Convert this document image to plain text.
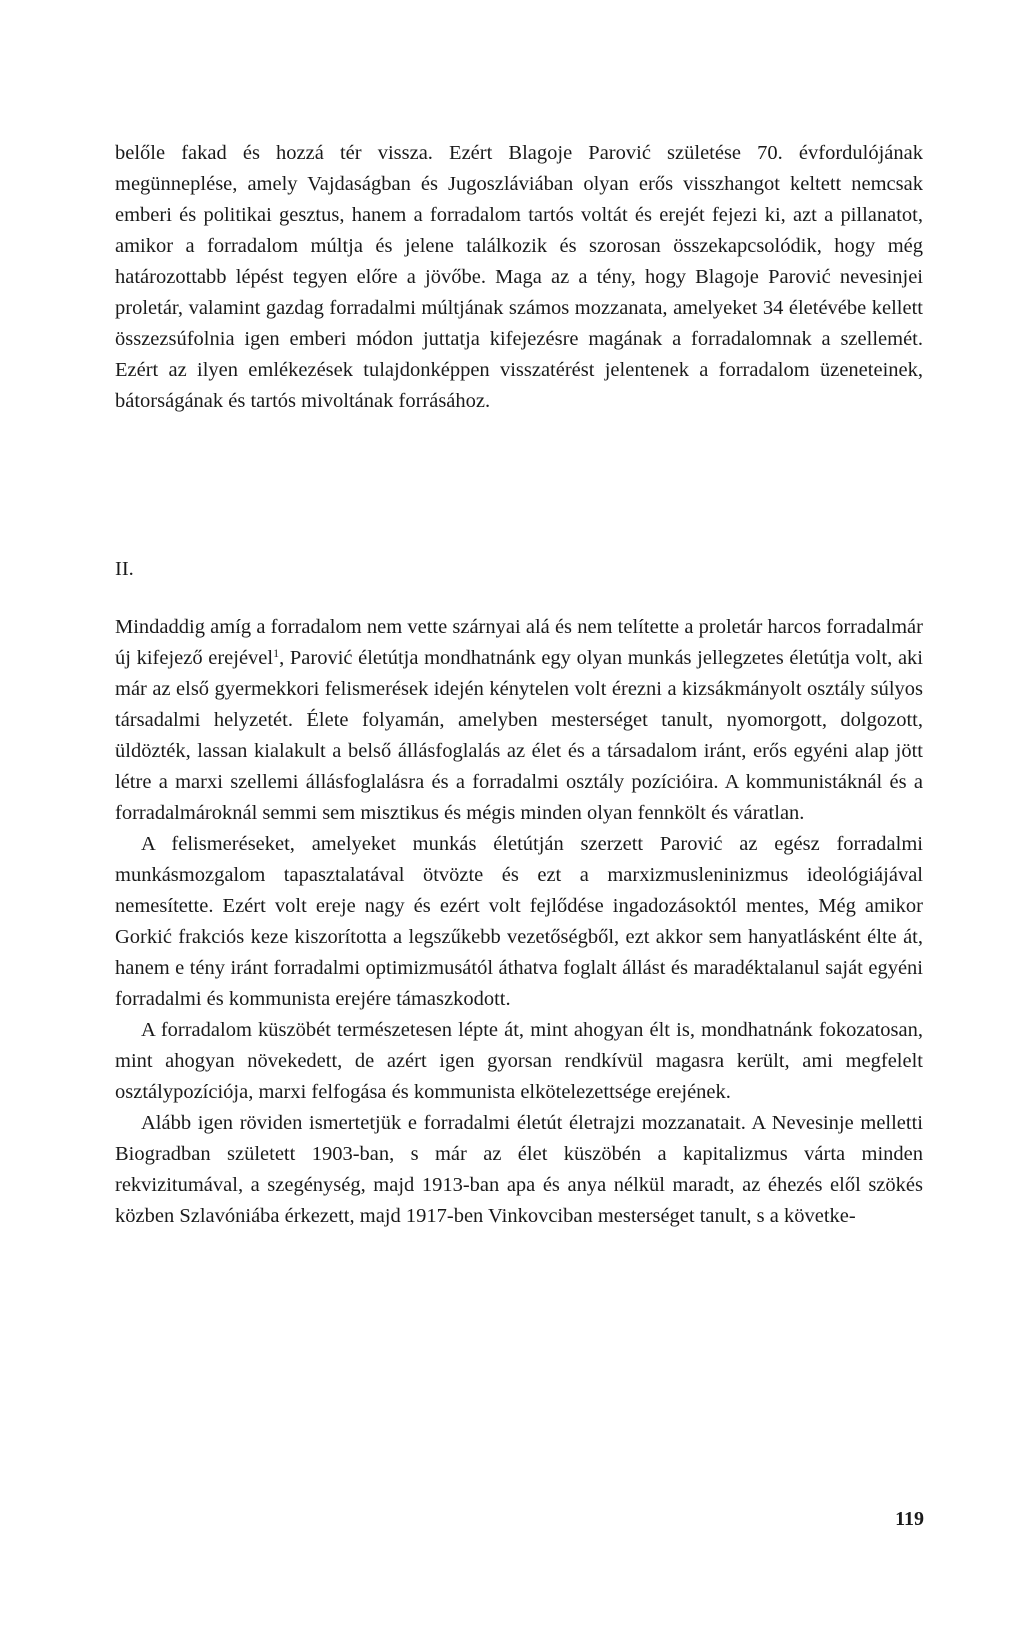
belőle fakad és hozzá tér vissza. Ezért Blagoje Parović születése 70. évfordulójának megünneplése, amely Vajdaságban és Jugoszláviában olyan erős visszhangot keltett nemcsak emberi és politikai gesztus, hanem a forradalom tartós voltát és erejét fejezi ki, azt a pillanatot, amikor a forradalom múltja és jelene találkozik és szorosan összekapcsolódik, hogy még határozottabb lépést tegyen előre a jövőbe. Maga az a tény, hogy Blagoje Parović nevesinjei proletár, valamint gazdag forradalmi múltjának számos mozzanata, amelyeket 34 életévébe kellett összezsúfolnia igen emberi módon juttatja kifejezésre magának a forradalomnak a szellemét. Ezért az ilyen emlékezések tulajdonképpen visszatérést jelentenek a forradalom üzeneteinek, bátorságának és tartós mivoltának forrásához.

II.

Mindaddig amíg a forradalom nem vette szárnyai alá és nem telítette a proletár harcos forradalmár új kifejező erejével$^1$, Parović életútja mondhatnánk egy olyan munkás jellegzetes életútja volt, aki már az első gyermekkori felismerések idején kénytelen volt érezni a kizsákmányolt osztály súlyos társadalmi helyzetét. Élete folyamán, amelyben mesterséget tanult, nyomorgott, dolgozott, üldözték, lassan kialakult a belső állásfoglalás az élet és a társadalom iránt, erős egyéni alap jött létre a marxi szellemi állásfoglalásra és a forradalmi osztály pozícióira. A kommunistáknál és a forradalmároknál semmi sem misztikus és mégis minden olyan fennkölt és váratlan.

A felismeréseket, amelyeket munkás életútján szerzett Parović az egész forradalmi munkásmozgalom tapasztalatával ötvözte és ezt a marxizmusleninizmus ideológiájával nemesítette. Ezért volt ereje nagy és ezért volt fejlődése ingadozásoktól mentes, Még amikor Gorkić frakciós keze kiszorította a legszűkebb vezetőségből, ezt akkor sem hanyatlásként élte át, hanem e tény iránt forradalmi optimizmusától áthatva foglalt állást és maradéktalanul saját egyéni forradalmi és kommunista erejére támaszkodott.

A forradalom küszöbét természetesen lépte át, mint ahogyan élt is, mondhatnánk fokozatosan, mint ahogyan növekedett, de azért igen gyorsan rendkívül magasra került, ami megfelelt osztálypozíciója, marxi felfogása és kommunista elkötelezettsége erejének.

Alább igen röviden ismertetjük e forradalmi életút életrajzi mozzanatait. A Nevesinje melletti Biogradban született 1903-ban, s már az élet küszöbén a kapitalizmus várta minden rekvizitumával, a szegénység, majd 1913-ban apa és anya nélkül maradt, az éhezés elől szökés közben Szlavóniába érkezett, majd 1917-ben Vinkovciban mesterséget tanult, s a követke-

119
